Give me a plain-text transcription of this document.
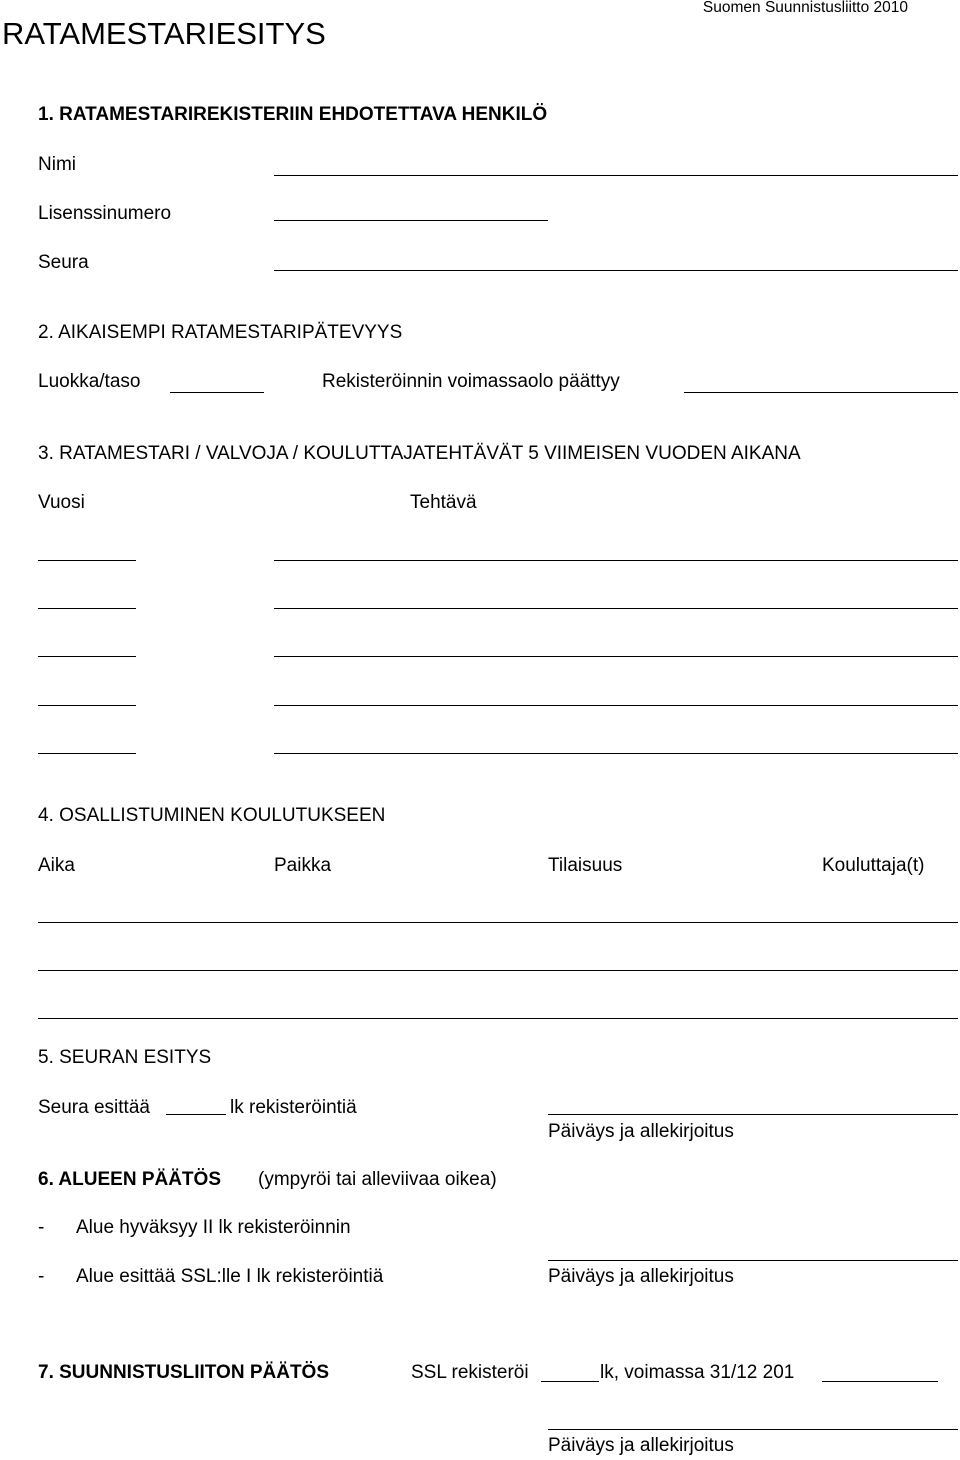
RATAMESTARIESITYS
Suomen Suunnistusliitto 2010
1. RATAMESTARIREKISTERIIN EHDOTETTAVA HENKILÖ
Nimi
Lisenssinumero
Seura
2. AIKAISEMPI RATAMESTARIPÄTEVYYS
Luokka/taso	Rekisteröinnin voimassaolo päättyy
3. RATAMESTARI / VALVOJA / KOULUTTAJATEHTÄVÄT 5 VIIMEISEN VUODEN AIKANA
Vuosi	Tehtävä
4. OSALLISTUMINEN KOULUTUKSEEN
Aika	Paikka	Tilaisuus	Kouluttaja(t)
5. SEURAN ESITYS
Seura esittää	lk rekisteröintiä
Päiväys ja allekirjoitus
6. ALUEEN PÄÄTÖS (ympyröi tai alleviivaa oikea)
- Alue hyväksyy II lk rekisteröinnin
- Alue esittää SSL:lle I lk rekisteröintiä	Päiväys ja allekirjoitus
7. SUUNNISTUSLIITON PÄÄTÖS	SSL rekisteröi	lk, voimassa 31/12 201
Päiväys ja allekirjoitus
